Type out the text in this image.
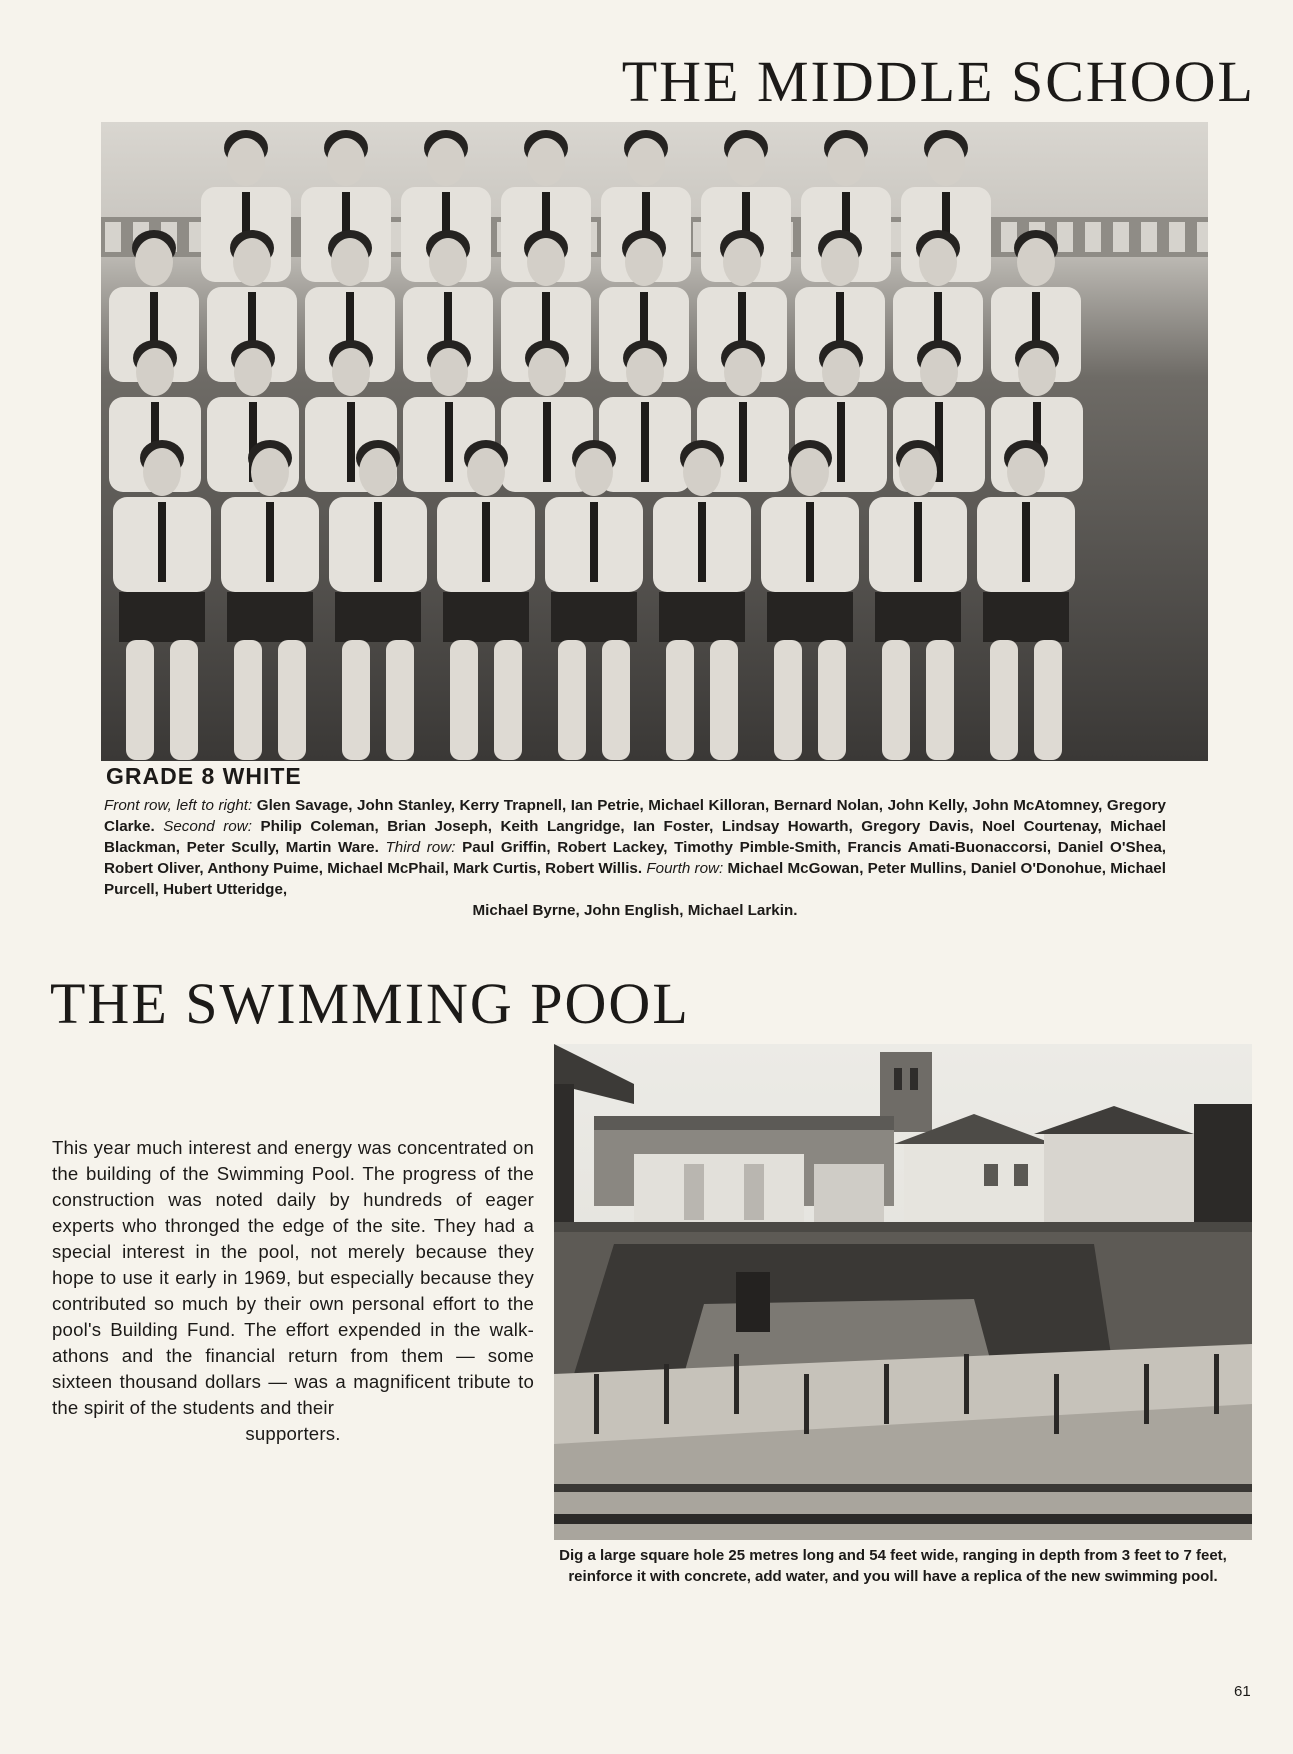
THE MIDDLE SCHOOL
GRADE 8 WHITE

Front row, left to right: Glen Savage, John Stanley, Kerry Trapnell, Ian Petrie, Michael Killoran, Bernard Nolan, John Kelly, John McAtomney, Gregory Clarke. Second row: Philip Coleman, Brian Joseph, Keith Langridge, Ian Foster, Lindsay Howarth, Gregory Davis, Noel Courtenay, Michael Blackman, Peter Scully, Martin Ware. Third row: Paul Griffin, Robert Lackey, Timothy Pimble-Smith, Francis Amati-Buonaccorsi, Daniel O'Shea, Robert Oliver, Anthony Puime, Michael McPhail, Mark Curtis, Robert Willis. Fourth row: Michael McGowan, Peter Mullins, Daniel O'Donohue, Michael Purcell, Hubert Utteridge,
Michael Byrne, John English, Michael Larkin.

THE SWIMMING POOL

This year much interest and energy was concentrated on the building of the Swimming Pool. The progress of the construction was noted daily by hundreds of eager experts who thronged the edge of the site. They had a special interest in the pool, not merely because they hope to use it early in 1969, but especially because they contributed so much by their own personal effort to the pool's Building Fund. The effort expended in the walk-athons and the financial return from them — some sixteen thousand dollars — was a magnificent tribute to the spirit of the students and their
supporters.

Dig a large square hole 25 metres long and 54 feet wide, ranging in depth from 3 feet to 7 feet, reinforce it with concrete, add water, and you will have a replica of the new swimming pool.

61
